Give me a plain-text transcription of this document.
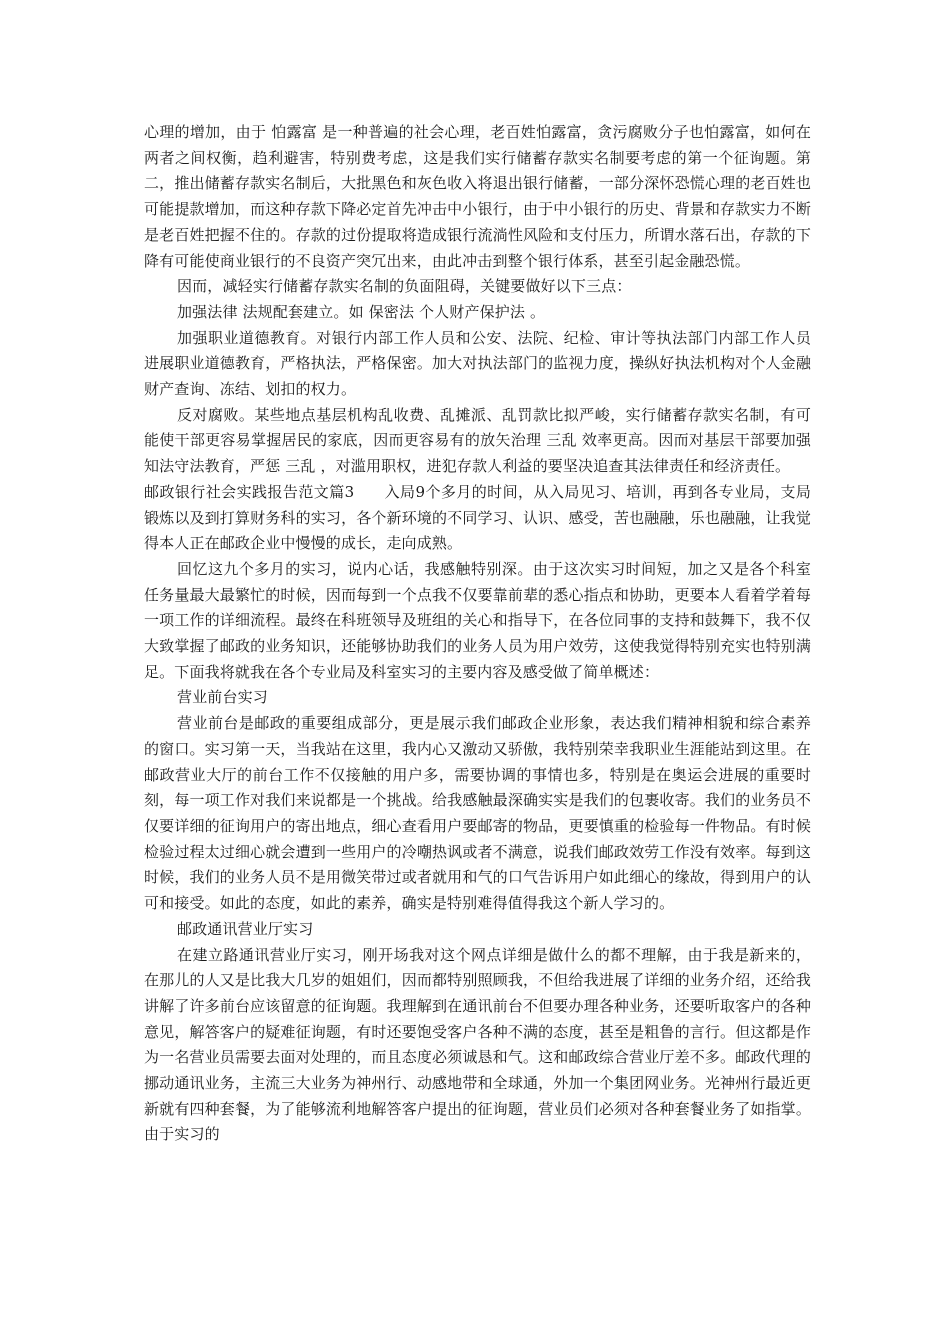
心理的增加，由于 怕露富 是一种普遍的社会心理，老百姓怕露富，贪污腐败分子也怕露富，如何在两者之间权衡，趋利避害，特别费考虑，这是我们实行储蓄存款实名制要考虑的第一个征询题。第二，推出储蓄存款实名制后，大批黑色和灰色收入将退出银行储蓄，一部分深怀恐慌心理的老百姓也可能提款增加，而这种存款下降必定首先冲击中小银行，由于中小银行的历史、背景和存款实力不断是老百姓把握不住的。存款的过份提取将造成银行流淌性风险和支付压力，所谓水落石出，存款的下降有可能使商业银行的不良资产突冗出来，由此冲击到整个银行体系，甚至引起金融恐慌。

因而，减轻实行储蓄存款实名制的负面阻碍，关键要做好以下三点：

加强法律 法规配套建立。如 保密法 个人财产保护法 。

加强职业道德教育。对银行内部工作人员和公安、法院、纪检、审计等执法部门内部工作人员进展职业道德教育，严格执法，严格保密。加大对执法部门的监视力度，操纵好执法机构对个人金融财产查询、冻结、划扣的权力。

反对腐败。某些地点基层机构乱收费、乱摊派、乱罚款比拟严峻，实行储蓄存款实名制，有可能使干部更容易掌握居民的家底，因而更容易有的放矢治理 三乱 效率更高。因而对基层干部要加强知法守法教育，严惩 三乱 ，对滥用职权，进犯存款人利益的要坚决追查其法律责任和经济责任。

邮政银行社会实践报告范文篇3 入局9个多月的时间，从入局见习、培训，再到各专业局，支局锻炼以及到打算财务科的实习，各个新环境的不同学习、认识、感受，苦也融融，乐也融融，让我觉得本人正在邮政企业中慢慢的成长，走向成熟。

回忆这九个多月的实习，说内心话，我感触特别深。由于这次实习时间短，加之又是各个科室任务量最大最繁忙的时候，因而每到一个点我不仅要靠前辈的悉心指点和协助，更要本人看着学着每一项工作的详细流程。最终在科班领导及班组的关心和指导下，在各位同事的支持和鼓舞下，我不仅大致掌握了邮政的业务知识，还能够协助我们的业务人员为用户效劳，这使我觉得特别充实也特别满足。下面我将就我在各个专业局及科室实习的主要内容及感受做了简单概述：

营业前台实习

营业前台是邮政的重要组成部分，更是展示我们邮政企业形象，表达我们精神相貌和综合素养的窗口。实习第一天，当我站在这里，我内心又激动又骄傲，我特别荣幸我职业生涯能站到这里。在邮政营业大厅的前台工作不仅接触的用户多，需要协调的事情也多，特别是在奥运会进展的重要时刻，每一项工作对我们来说都是一个挑战。给我感触最深确实实是我们的包裹收寄。我们的业务员不仅要详细的征询用户的寄出地点，细心查看用户要邮寄的物品，更要慎重的检验每一件物品。有时候检验过程太过细心就会遭到一些用户的冷嘲热讽或者不满意，说我们邮政效劳工作没有效率。每到这时候，我们的业务人员不是用微笑带过或者就用和气的口气告诉用户如此细心的缘故，得到用户的认可和接受。如此的态度，如此的素养，确实是特别难得值得我这个新人学习的。

邮政通讯营业厅实习

在建立路通讯营业厅实习，刚开场我对这个网点详细是做什么的都不理解，由于我是新来的，在那儿的人又是比我大几岁的姐姐们，因而都特别照顾我，不但给我进展了详细的业务介绍，还给我讲解了许多前台应该留意的征询题。我理解到在通讯前台不但要办理各种业务，还要听取客户的各种意见，解答客户的疑难征询题，有时还要饱受客户各种不满的态度，甚至是粗鲁的言行。但这都是作为一名营业员需要去面对处理的，而且态度必须诚恳和气。这和邮政综合营业厅差不多。邮政代理的挪动通讯业务，主流三大业务为神州行、动感地带和全球通，外加一个集团网业务。光神州行最近更新就有四种套餐，为了能够流利地解答客户提出的征询题，营业员们必须对各种套餐业务了如指掌。由于实习的
